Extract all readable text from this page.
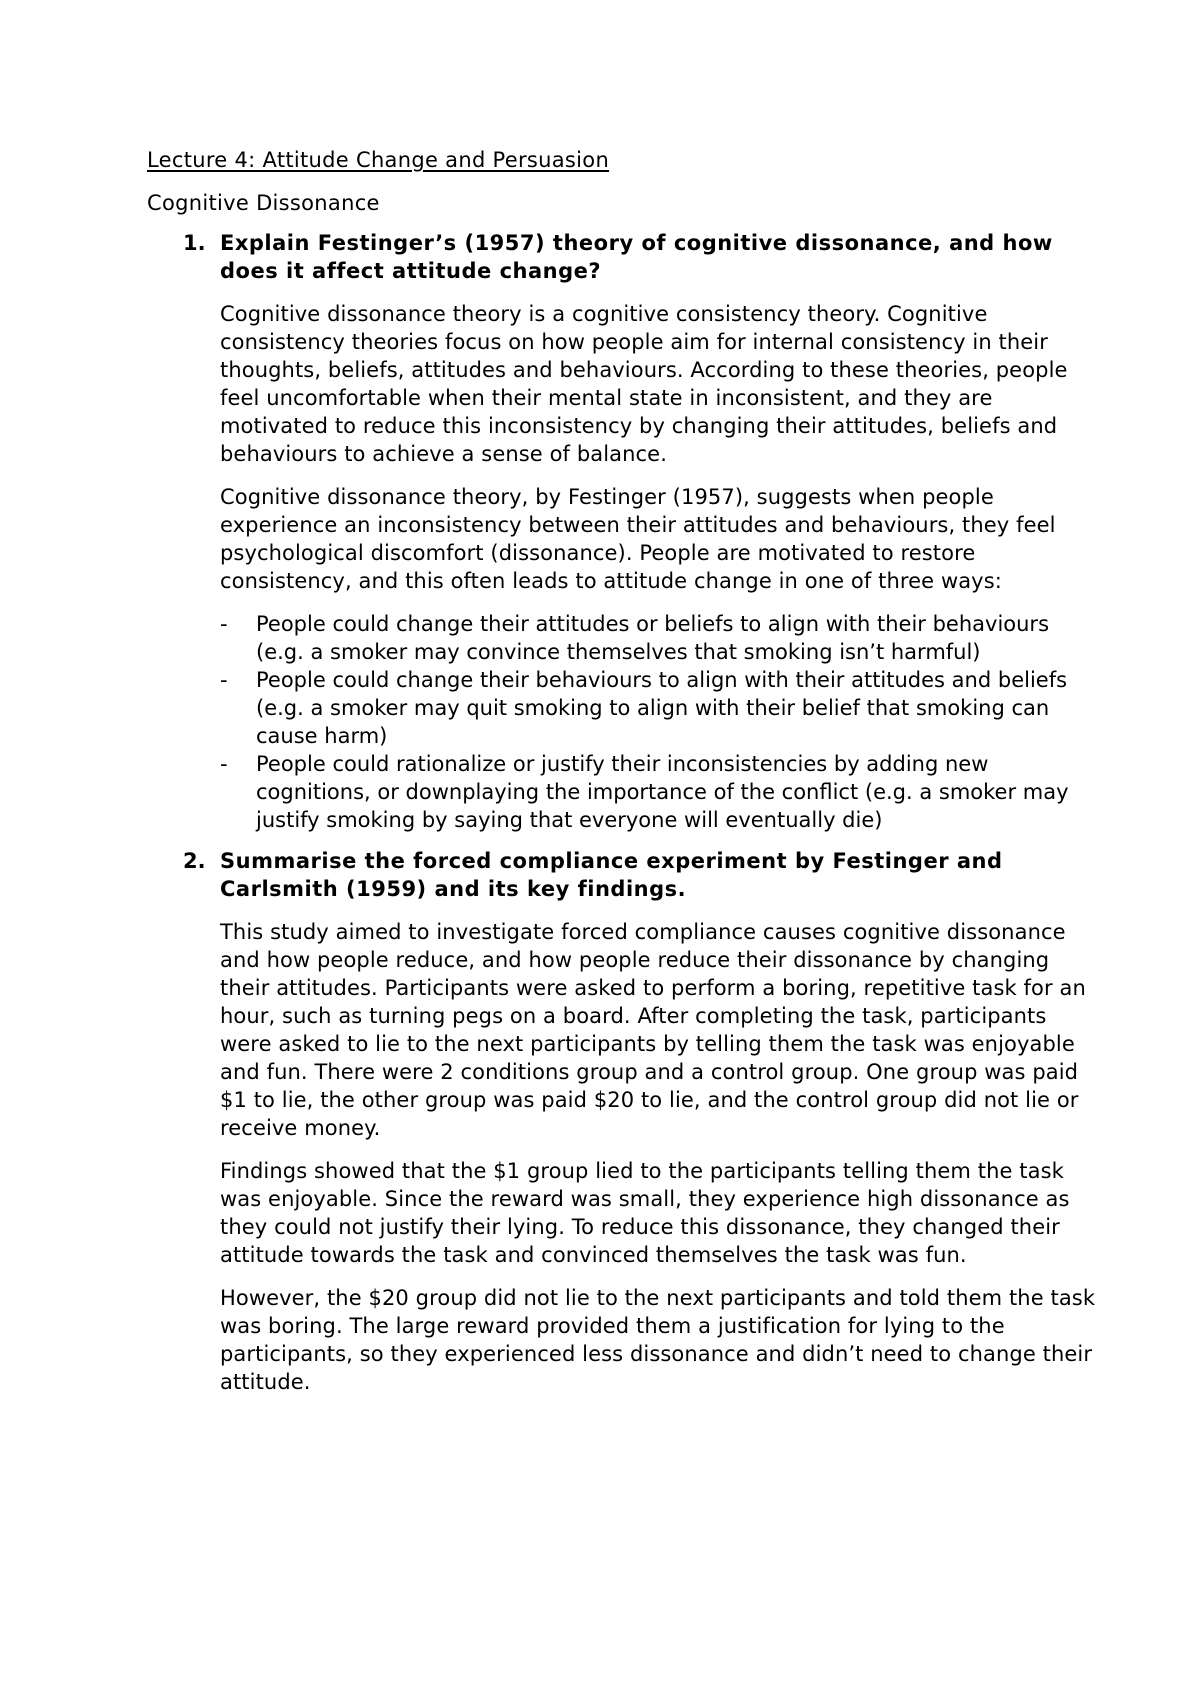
Lecture 4: Attitude Change and Persuasion
Cognitive Dissonance
1. Explain Festinger’s (1957) theory of cognitive dissonance, and how does it affect attitude change?

Cognitive dissonance theory is a cognitive consistency theory. Cognitive consistency theories focus on how people aim for internal consistency in their thoughts, beliefs, attitudes and behaviours. According to these theories, people feel uncomfortable when their mental state in inconsistent, and they are motivated to reduce this inconsistency by changing their attitudes, beliefs and behaviours to achieve a sense of balance.

Cognitive dissonance theory, by Festinger (1957), suggests when people experience an inconsistency between their attitudes and behaviours, they feel psychological discomfort (dissonance). People are motivated to restore consistency, and this often leads to attitude change in one of three ways:

-	People could change their attitudes or beliefs to align with their behaviours (e.g. a smoker may convince themselves that smoking isn’t harmful)
-	People could change their behaviours to align with their attitudes and beliefs (e.g. a smoker may quit smoking to align with their belief that smoking can cause harm)
-	People could rationalize or justify their inconsistencies by adding new cognitions, or downplaying the importance of the conflict (e.g. a smoker may justify smoking by saying that everyone will eventually die)
2. Summarise the forced compliance experiment by Festinger and Carlsmith (1959) and its key findings.

This study aimed to investigate forced compliance causes cognitive dissonance and how people reduce, and how people reduce their dissonance by changing their attitudes. Participants were asked to perform a boring, repetitive task for an hour, such as turning pegs on a board. After completing the task, participants were asked to lie to the next participants by telling them the task was enjoyable and fun. There were 2 conditions group and a control group. One group was paid $1 to lie, the other group was paid $20 to lie, and the control group did not lie or receive money.

Findings showed that the $1 group lied to the participants telling them the task was enjoyable. Since the reward was small, they experience high dissonance as they could not justify their lying. To reduce this dissonance, they changed their attitude towards the task and convinced themselves the task was fun.

However, the $20 group did not lie to the next participants and told them the task was boring. The large reward provided them a justification for lying to the participants, so they experienced less dissonance and didn’t need to change their attitude.
